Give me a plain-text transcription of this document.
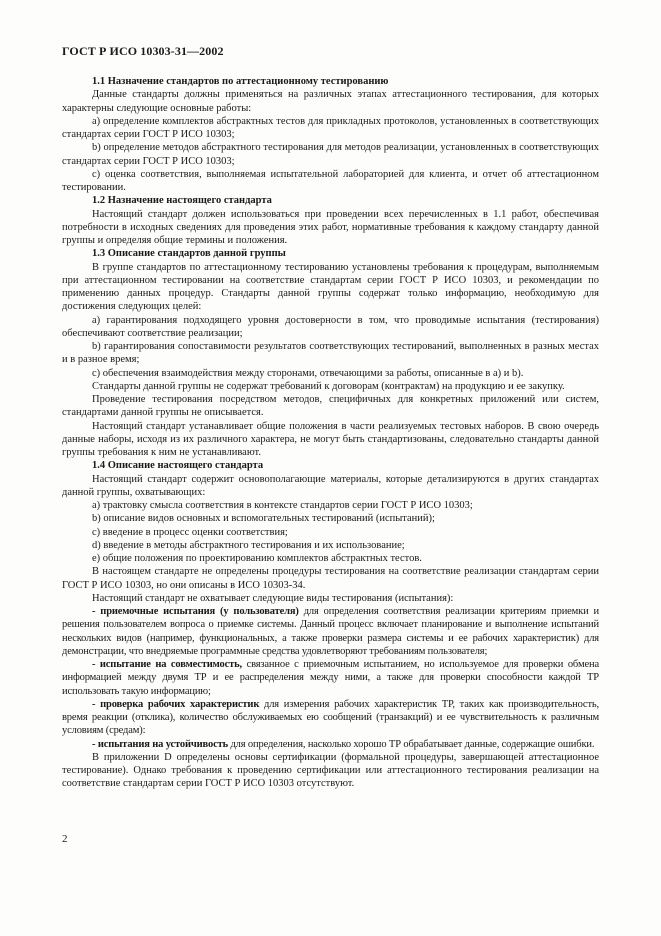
ГОСТ Р ИСО 10303-31—2002

1.1 Назначение стандартов по аттестационному тестированию

Данные стандарты должны применяться на различных этапах аттестационного тестирования, для которых характерны следующие основные работы:

a) определение комплектов абстрактных тестов для прикладных протоколов, установленных в соответствующих стандартах серии ГОСТ Р ИСО 10303;

b) определение методов абстрактного тестирования для методов реализации, установленных в соответствующих стандартах серии ГОСТ Р ИСО 10303;

c) оценка соответствия, выполняемая испытательной лабораторией для клиента, и отчет об аттестационном тестировании.

1.2 Назначение настоящего стандарта

Настоящий стандарт должен использоваться при проведении всех перечисленных в 1.1 работ, обеспечивая потребности в исходных сведениях для проведения этих работ, нормативные требования к каждому стандарту данной группы и определяя общие термины и положения.

1.3 Описание стандартов данной группы

В группе стандартов по аттестационному тестированию установлены требования к процедурам, выполняемым при аттестационном тестировании на соответствие стандартам серии ГОСТ Р ИСО 10303, и рекомендации по применению данных процедур. Стандарты данной группы содержат только информацию, необходимую для достижения следующих целей:

a) гарантирования подходящего уровня достоверности в том, что проводимые испытания (тестирования) обеспечивают соответствие реализации;

b) гарантирования сопоставимости результатов соответствующих тестирований, выполненных в разных местах и в разное время;

c) обеспечения взаимодействия между сторонами, отвечающими за работы, описанные в a) и b).

Стандарты данной группы не содержат требований к договорам (контрактам) на продукцию и ее закупку.

Проведение тестирования посредством методов, специфичных для конкретных приложений или систем, стандартами данной группы не описывается.

Настоящий стандарт устанавливает общие положения в части реализуемых тестовых наборов. В свою очередь данные наборы, исходя из их различного характера, не могут быть стандартизованы, следовательно стандарты данной группы требования к ним не устанавливают.

1.4 Описание настоящего стандарта

Настоящий стандарт содержит основополагающие материалы, которые детализируются в других стандартах данной группы, охватывающих:

a) трактовку смысла соответствия в контексте стандартов серии ГОСТ Р ИСО 10303;

b) описание видов основных и вспомогательных тестирований (испытаний);

c) введение в процесс оценки соответствия;

d) введение в методы абстрактного тестирования и их использование;

e) общие положения по проектированию комплектов абстрактных тестов.

В настоящем стандарте не определены процедуры тестирования на соответствие реализации стандартам серии ГОСТ Р ИСО 10303, но они описаны в ИСО 10303-34.

Настоящий стандарт не охватывает следующие виды тестирования (испытания):

- приемочные испытания (у пользователя) для определения соответствия реализации критериям приемки и решения пользователем вопроса о приемке системы. Данный процесс включает планирование и выполнение испытаний нескольких видов (например, функциональных, а также проверки размера системы и ее рабочих характеристик) для демонстрации, что внедряемые программные средства удовлетворяют требованиям пользователя;

- испытание на совместимость, связанное с приемочным испытанием, но используемое для проверки обмена информацией между двумя ТР и ее распределения между ними, а также для проверки способности каждой ТР использовать такую информацию;

- проверка рабочих характеристик для измерения рабочих характеристик ТР, таких как производительность, время реакции (отклика), количество обслуживаемых ею сообщений (транзакций) и ее чувствительность к различным условиям (средам):

- испытания на устойчивость для определения, насколько хорошо ТР обрабатывает данные, содержащие ошибки.

В приложении D определены основы сертификации (формальной процедуры, завершающей аттестационное тестирование). Однако требования к проведению сертификации или аттестационного тестирования реализации на соответствие стандартам серии ГОСТ Р ИСО 10303 отсутствуют.

2
